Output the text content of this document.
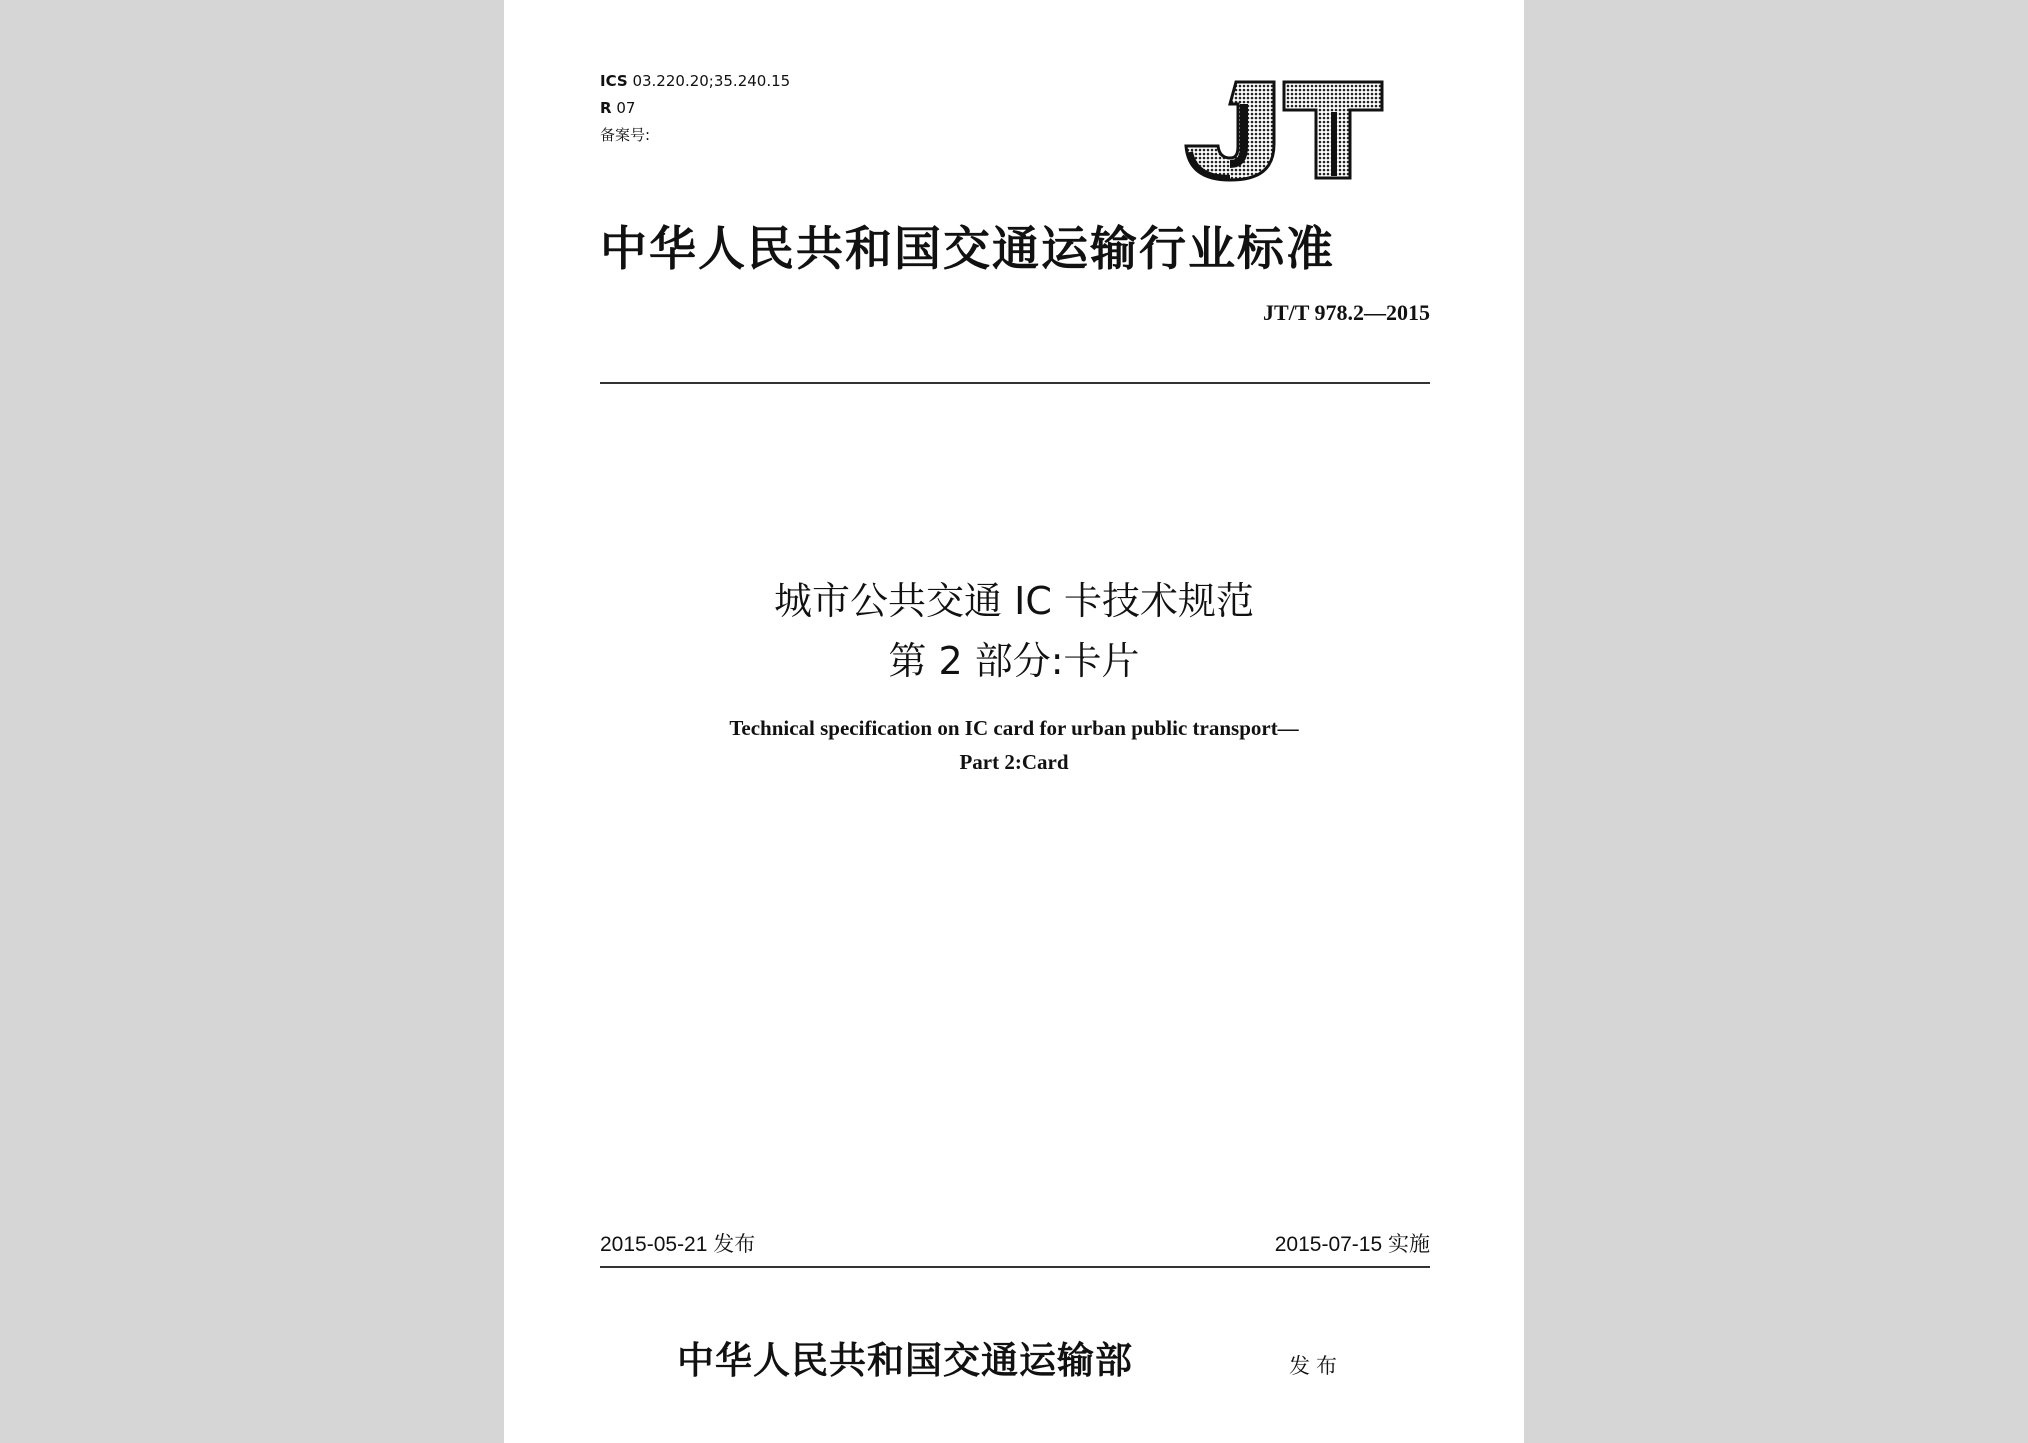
ICS 03.220.20;35.240.15
R 07
备案号:
中华人民共和国交通运输行业标准
JT/T 978.2—2015
城市公共交通 IC 卡技术规范
第 2 部分:卡片
Technical specification on IC card for urban public transport—
Part 2:Card
2015-05-21 发布	2015-07-15 实施
中华人民共和国交通运输部	发布
